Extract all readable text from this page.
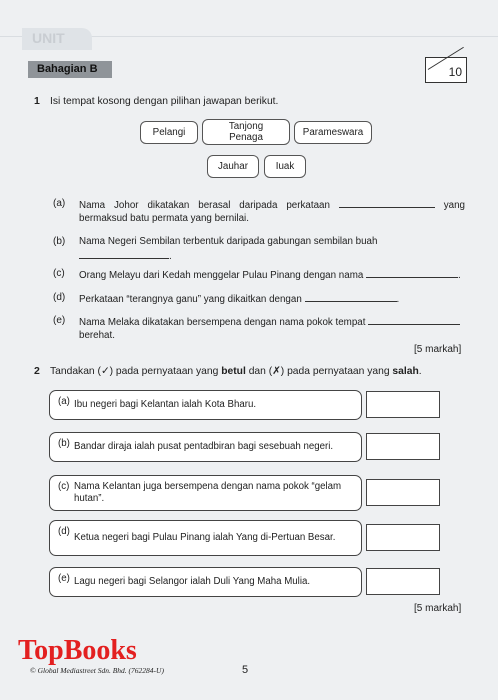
UNIT
Bahagian B	10
1 Isi tempat kosong dengan pilihan jawapan berikut.
Pelangi
Tanjong Penaga	Parameswara
Jauhar	Iuak
(a) Nama Johor dikatakan berasal daripada perkataan	yang bermaksud batu permata yang bernilai.
(b) Nama Negeri Sembilan terbentuk daripada gabungan sembilan buah
.
(c) Orang Melayu dari Kedah menggelar Pulau Pinang dengan nama	.
(d) Perkataan “terangnya ganu” yang dikaitkan dengan	.
(e) Nama Melaka dikatakan bersempena dengan nama pokok tempat
berehat.
[5 markah]
2 Tandakan (✓) pada pernyataan yang betul dan (✗) pada pernyataan yang salah.
(a) Ibu negeri bagi Kelantan ialah Kota Bharu.
(b) Bandar diraja ialah pusat pentadbiran bagi sesebuah negeri.
(c) Nama Kelantan juga bersempena dengan nama pokok “gelam hutan”.
(d)
Ketua negeri bagi Pulau Pinang ialah Yang di-Pertuan Besar.
(e) Lagu negeri bagi Selangor ialah Duli Yang Maha Mulia.
[5 markah]
TopBooks
© Global Mediastreet Sdn. Bhd. (762284-U)	5
